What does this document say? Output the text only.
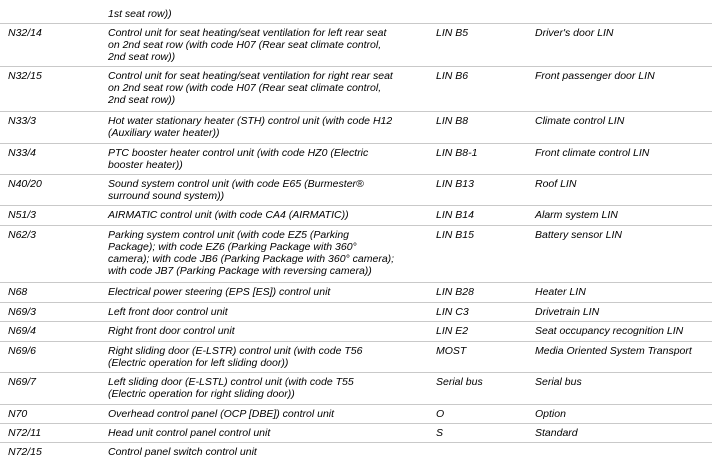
1st seat row))
N32/14	Control unit for seat heating/seat ventilation for left rear seat
on 2nd seat row (with code H07 (Rear seat climate control,
2nd seat row))
LIN B5	Driver's door LIN
N32/15	Control unit for seat heating/seat ventilation for right rear seat
on 2nd seat row (with code H07 (Rear seat climate control,
2nd seat row))
LIN B6	Front passenger door LIN
N33/3	Hot water stationary heater (STH) control unit (with code H12
(Auxiliary water heater))
LIN B8	Climate control LIN
N33/4	PTC booster heater control unit (with code HZ0 (Electric
booster heater))
LIN B8-1	Front climate control LIN
N40/20	Sound system control unit (with code E65 (Burmester®
surround sound system))
LIN B13	Roof LIN
N51/3	AIRMATIC control unit (with code CA4 (AIRMATIC))	LIN B14	Alarm system LIN
N62/3	Parking system control unit (with code EZ5 (Parking
Package); with code EZ6 (Parking Package with 360°
camera); with code JB6 (Parking Package with 360° camera);
with code JB7 (Parking Package with reversing camera))
LIN B15	Battery sensor LIN
N68	Electrical power steering (EPS [ES]) control unit	LIN B28	Heater LIN
N69/3	Left front door control unit	LIN C3	Drivetrain LIN
N69/4	Right front door control unit	LIN E2	Seat occupancy recognition LIN
N69/6	Right sliding door (E-LSTR) control unit (with code T56
(Electric operation for left sliding door))
MOST	Media Oriented System Transport
N69/7	Left sliding door (E-LSTL) control unit (with code T55
(Electric operation for right sliding door))
Serial bus	Serial bus
N70	Overhead control panel (OCP [DBE]) control unit	O	Option
N72/11	Head unit control panel control unit	S	Standard
N72/15	Control panel switch control unit
